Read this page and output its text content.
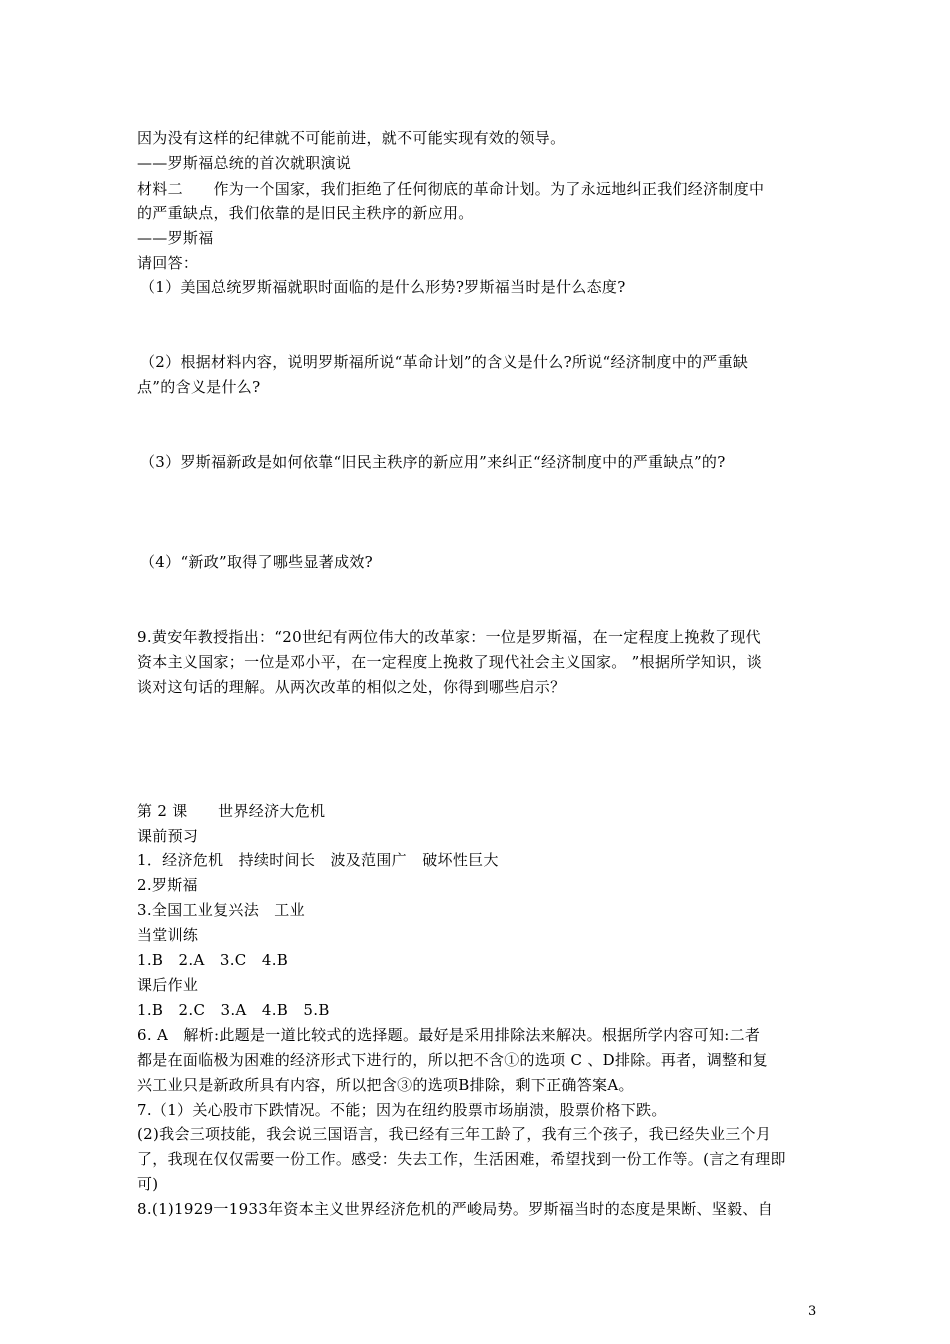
因为没有这样的纪律就不可能前进，就不可能实现有效的领导。
——罗斯福总统的首次就职演说
材料二　　作为一个国家，我们拒绝了任何彻底的革命计划。为了永远地纠正我们经济制度中
的严重缺点，我们依靠的是旧民主秩序的新应用。
——罗斯福
请回答：
（1）美国总统罗斯福就职时面临的是什么形势?罗斯福当时是什么态度?
（2）根据材料内容，说明罗斯福所说“革命计划”的含义是什么?所说“经济制度中的严重缺
点”的含义是什么?
（3）罗斯福新政是如何依靠“旧民主秩序的新应用”来纠正“经济制度中的严重缺点”的?
（4）“新政”取得了哪些显著成效?
9.黄安年教授指出：“20世纪有两位伟大的改革家：一位是罗斯福，在一定程度上挽救了现代
资本主义国家；一位是邓小平，在一定程度上挽救了现代社会主义国家。 ”根据所学知识，谈
谈对这句话的理解。从两次改革的相似之处，你得到哪些启示？
第 2 课　　世界经济大危机
课前预习
1．经济危机　持续时间长　波及范围广　破坏性巨大
2.罗斯福
3.全国工业复兴法　工业
当堂训练
1.B　2.A　3.C　4.B
课后作业
1.B　2.C　3.A　4.B　5.B
6. A　解析:此题是一道比较式的选择题。最好是采用排除法来解决。根据所学内容可知:二者
都是在面临极为困难的经济形式下进行的，所以把不含①的选项 C 、D排除。再者，调整和复
兴工业只是新政所具有内容，所以把含③的选项B排除，剩下正确答案A。
7.（1）关心股市下跌情况。不能；因为在纽约股票市场崩溃，股票价格下跌。
(2)我会三项技能，我会说三国语言，我已经有三年工龄了，我有三个孩子，我已经失业三个月
了，我现在仅仅需要一份工作。感受：失去工作，生活困难，希望找到一份工作等。(言之有理即
可)
8.(1)1929一1933年资本主义世界经济危机的严峻局势。罗斯福当时的态度是果断、坚毅、自
3
